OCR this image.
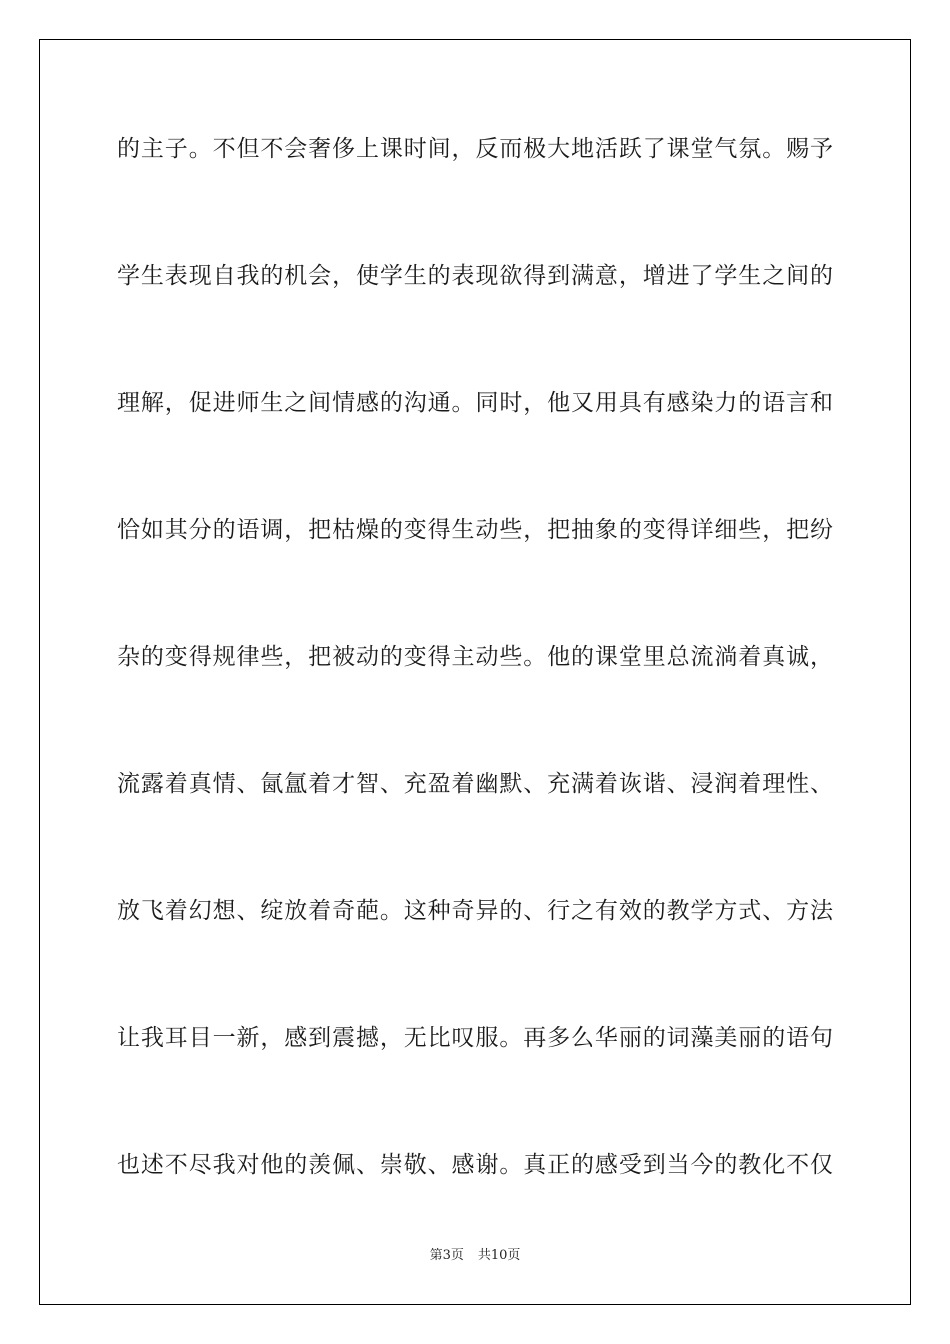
的主子。不但不会奢侈上课时间，反而极大地活跃了课堂气氛。赐予
学生表现自我的机会，使学生的表现欲得到满意，增进了学生之间的
理解，促进师生之间情感的沟通。同时，他又用具有感染力的语言和
恰如其分的语调，把枯燥的变得生动些，把抽象的变得详细些，把纷
杂的变得规律些，把被动的变得主动些。他的课堂里总流淌着真诚，
流露着真情、氤氲着才智、充盈着幽默、充满着诙谐、浸润着理性、
放飞着幻想、绽放着奇葩。这种奇异的、行之有效的教学方式、方法
让我耳目一新，感到震撼，无比叹服。再多么华丽的词藻美丽的语句
也述不尽我对他的羡佩、崇敬、感谢。真正的感受到当今的教化不仅
第3页 共10页
